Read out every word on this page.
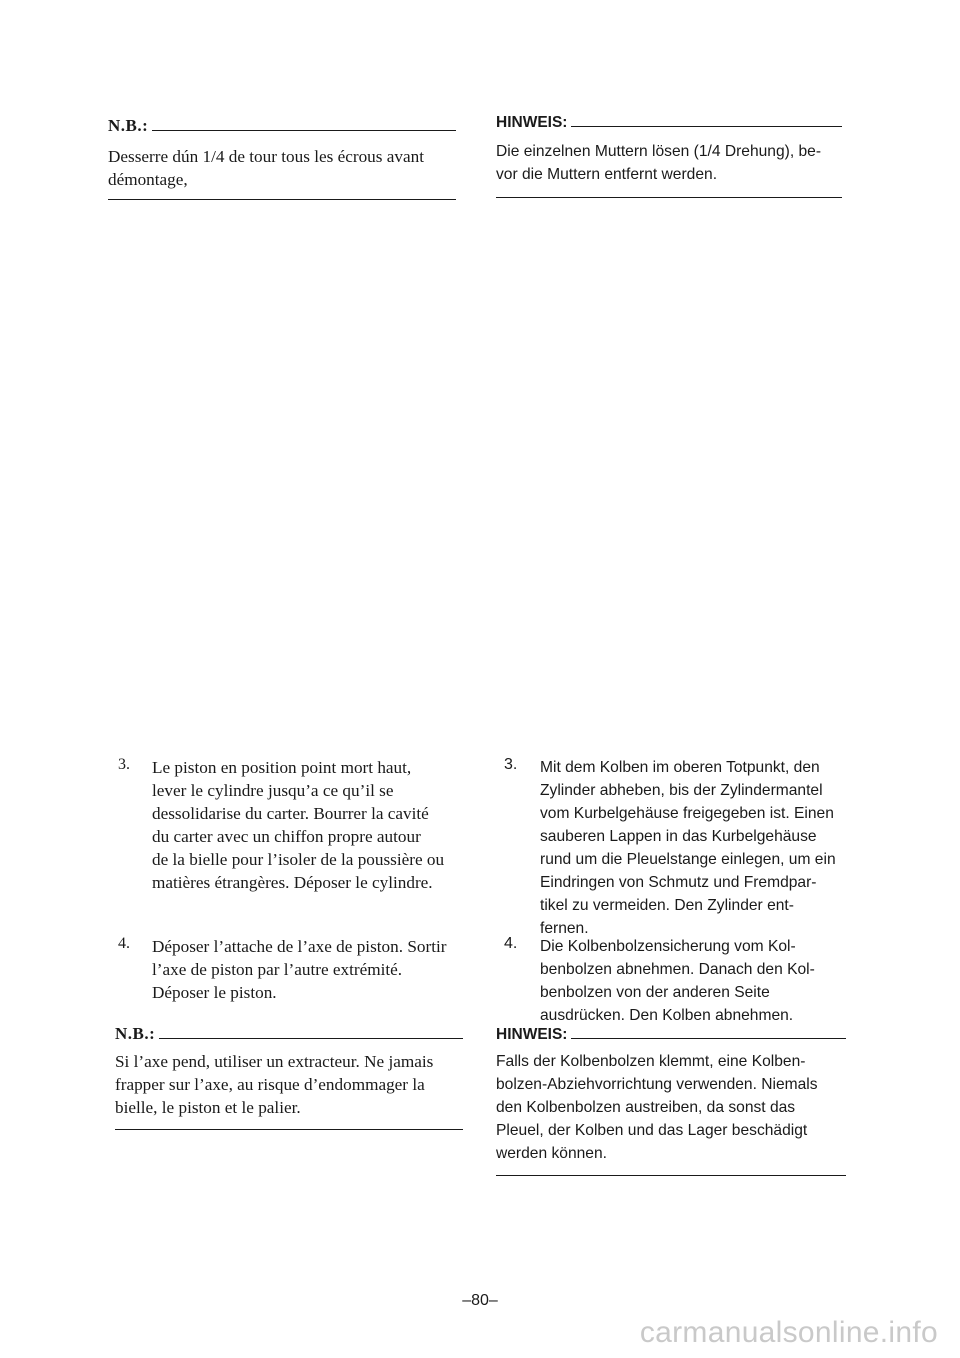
N.B.:

Desserre dún 1/4 de tour tous les écrous avant

démontage,

HINWEIS:

Die einzelnen Muttern lösen (1/4 Drehung), be-

vor die Muttern entfernt werden.

3.	Le piston en position point mort haut,

lever le cylindre jusqu’a ce qu’il se

dessolidarise du carter. Bourrer la cavité

du carter avec un chiffon propre autour

de la bielle pour l’isoler de la poussière ou

matières étrangères. Déposer le cylindre.

4.	Déposer l’attache de l’axe de piston. Sortir

l’axe de piston par l’autre extrémité.

Déposer le piston.

N.B.:

Si l’axe pend, utiliser un extracteur. Ne jamais

frapper sur l’axe, au risque d’endommager la

bielle, le piston et le palier.

3.	Mit dem Kolben im oberen Totpunkt, den

Zylinder abheben, bis der Zylindermantel

vom Kurbelgehäuse freigegeben ist. Einen

sauberen Lappen in das Kurbelgehäuse

rund um die Pleuelstange einlegen, um ein

Eindringen von Schmutz und Fremdpar-

tikel zu vermeiden. Den Zylinder ent-

fernen.

4.	Die Kolbenbolzensicherung vom Kol-

benbolzen abnehmen. Danach den Kol-

benbolzen von der anderen Seite

ausdrücken. Den Kolben abnehmen.

HINWEIS:

Falls der Kolbenbolzen klemmt, eine Kolben-

bolzen-Abziehvorrichtung verwenden. Niemals

den Kolbenbolzen austreiben, da sonst das

Pleuel, der Kolben und das Lager beschädigt

werden können.

–80–
carmanualsonline.info
